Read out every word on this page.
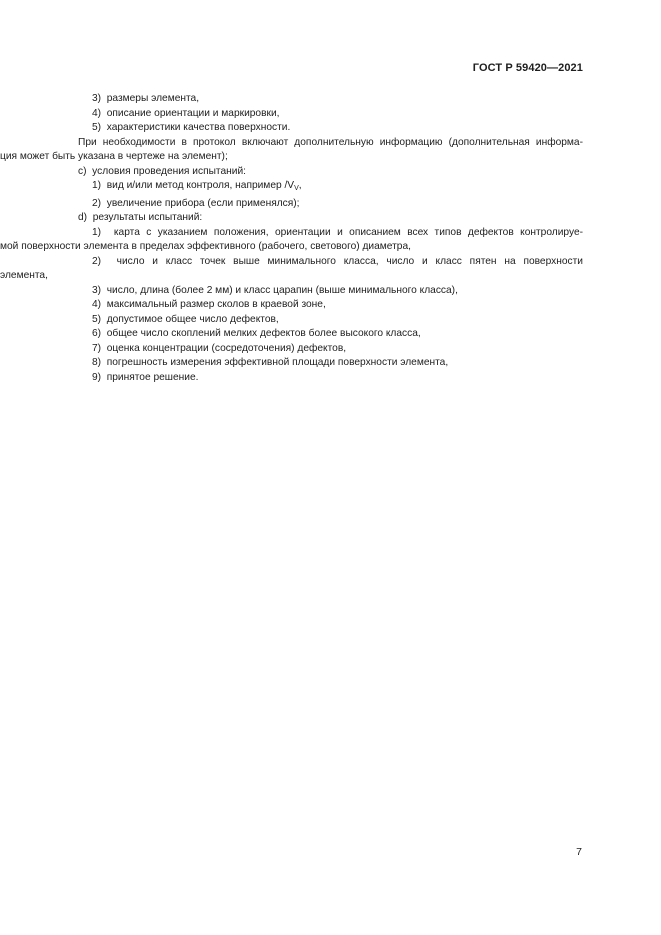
ГОСТ Р 59420—2021
3) размеры элемента,
4) описание ориентации и маркировки,
5) характеристики качества поверхности.
При необходимости в протокол включают дополнительную информацию (дополнительная информа-
ция может быть указана в чертеже на элемент);
с) условия проведения испытаний:
1) вид и/или метод контроля, например $/V_V$,
2) увеличение прибора (если применялся);
d) результаты испытаний:
1) карта с указанием положения, ориентации и описанием всех типов дефектов контролируе-
мой поверхности элемента в пределах эффективного (рабочего, светового) диаметра,
2) число и класс точек выше минимального класса, число и класс пятен на поверхности
элемента,
3) число, длина (более 2 мм) и класс царапин (выше минимального класса),
4) максимальный размер сколов в краевой зоне,
5) допустимое общее число дефектов,
6) общее число скоплений мелких дефектов более высокого класса,
7) оценка концентрации (сосредоточения) дефектов,
8) погрешность измерения эффективной площади поверхности элемента,
9) принятое решение.
7
